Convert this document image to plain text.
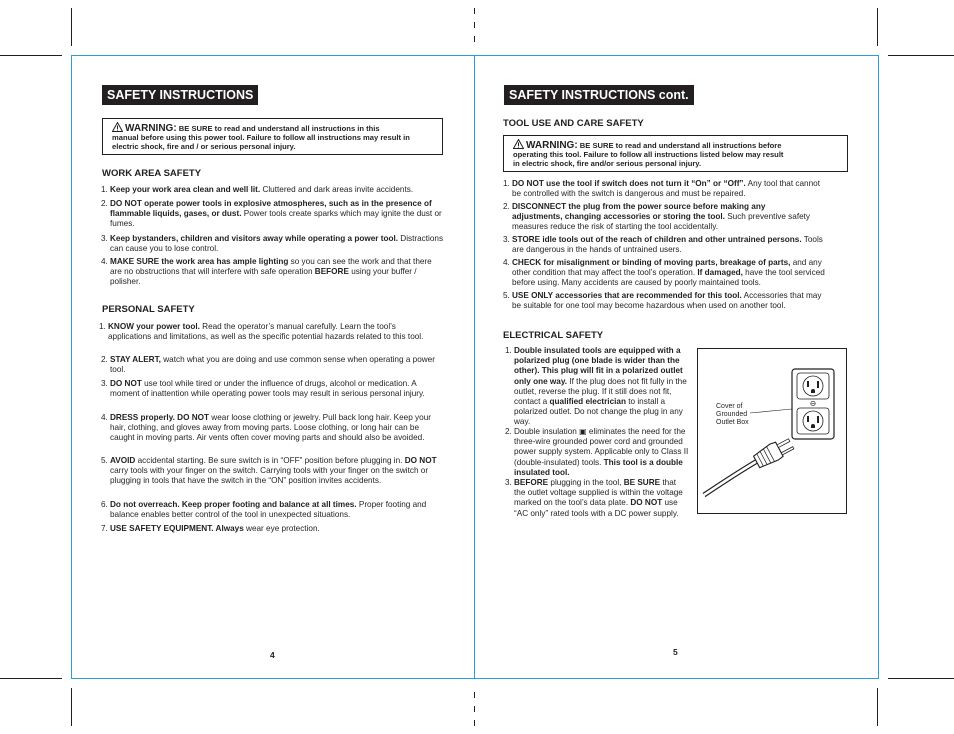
SAFETY INSTRUCTIONS
WARNING: BE SURE to read and understand all instructions in this
manual before using this power tool. Failure to follow all instructions may result in
electric shock, fire and / or serious personal injury.
WORK AREA SAFETY
1. Keep your work area clean and well lit. Cluttered and dark areas invite accidents.
2. DO NOT operate power tools in explosive atmospheres, such as in the presence of flammable liquids, gases, or dust. Power tools create sparks which may ignite the dust or fumes.
3. Keep bystanders, children and visitors away while operating a power tool. Distractions can cause you to lose control.
4. MAKE SURE the work area has ample lighting so you can see the work and that there are no obstructions that will interfere with safe operation BEFORE using your buffer / polisher.
PERSONAL SAFETY
1. KNOW your power tool. Read the operator’s manual carefully. Learn the tool’s applications and limitations, as well as the specific potential hazards related to this tool.
2. STAY ALERT, watch what you are doing and use common sense when operating a power tool.
3. DO NOT use tool while tired or under the influence of drugs, alcohol or medication. A moment of inattention while operating power tools may result in serious personal injury.
4. DRESS properly. DO NOT wear loose clothing or jewelry. Pull back long hair. Keep your hair, clothing, and gloves away from moving parts. Loose clothing, or long hair can be caught in moving parts. Air vents often cover moving parts and should also be avoided.
5. AVOID accidental starting. Be sure switch is in “OFF” position before plugging in. DO NOT carry tools with your finger on the switch. Carrying tools with your finger on the switch or plugging in tools that have the switch in the “ON” position invites accidents.
6. Do not overreach. Keep proper footing and balance at all times. Proper footing and balance enables better control of the tool in unexpected situations.
7. USE SAFETY EQUIPMENT. Always wear eye protection.
4
SAFETY INSTRUCTIONS cont.
TOOL USE AND CARE SAFETY
WARNING: BE SURE to read and understand all instructions before
operating this tool. Failure to follow all instructions listed below may result
in electric shock, fire and/or serious personal injury.
1. DO NOT use the tool if switch does not turn it “On” or “Off”. Any tool that cannot be controlled with the switch is dangerous and must be repaired.
2. DISCONNECT the plug from the power source before making any adjustments, changing accessories or storing the tool. Such preventive safety measures reduce the risk of starting the tool accidentally.
3. STORE idle tools out of the reach of children and other untrained persons. Tools are dangerous in the hands of untrained users.
4. CHECK for misalignment or binding of moving parts, breakage of parts, and any other condition that may affect the tool’s operation. If damaged, have the tool serviced before using. Many accidents are caused by poorly maintained tools.
5. USE ONLY accessories that are recommended for this tool. Accessories that may be suitable for one tool may become hazardous when used on another tool.
ELECTRICAL SAFETY
1. Double insulated tools are equipped with a polarized plug (one blade is wider than the other). This plug will fit in a polarized outlet only one way. If the plug does not fit fully in the outlet, reverse the plug. If it still does not fit, contact a qualified electrician to install a polarized outlet. Do not change the plug in any way.
2. Double insulation ▣ eliminates the need for the three-wire grounded power cord and grounded power supply system. Applicable only to Class II (double-insulated) tools. This tool is a double insulated tool.
3. BEFORE plugging in the tool, BE SURE that the outlet voltage supplied is within the voltage marked on the tool’s data plate. DO NOT use “AC only” rated tools with a DC power supply.
Cover of Grounded Outlet Box
5
